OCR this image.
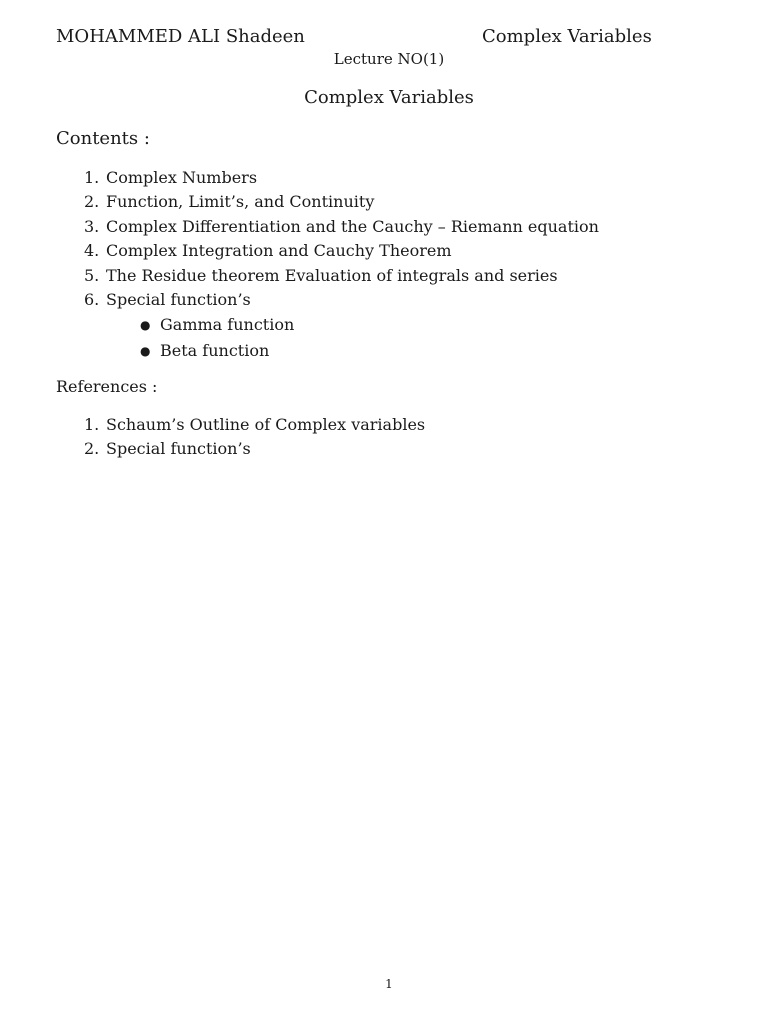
MOHAMMED ALI Shadeen	Complex Variables
Lecture NO(1)
Complex Variables
Contents :
1. Complex Numbers
2. Function, Limit’s, and Continuity
3. Complex Differentiation and the Cauchy – Riemann equation
4. Complex Integration and Cauchy Theorem
5. The Residue theorem Evaluation of integrals and series
6. Special function’s
● Gamma function
● Beta function
References :
1. Schaum’s Outline of Complex variables
2. Special function’s
1
